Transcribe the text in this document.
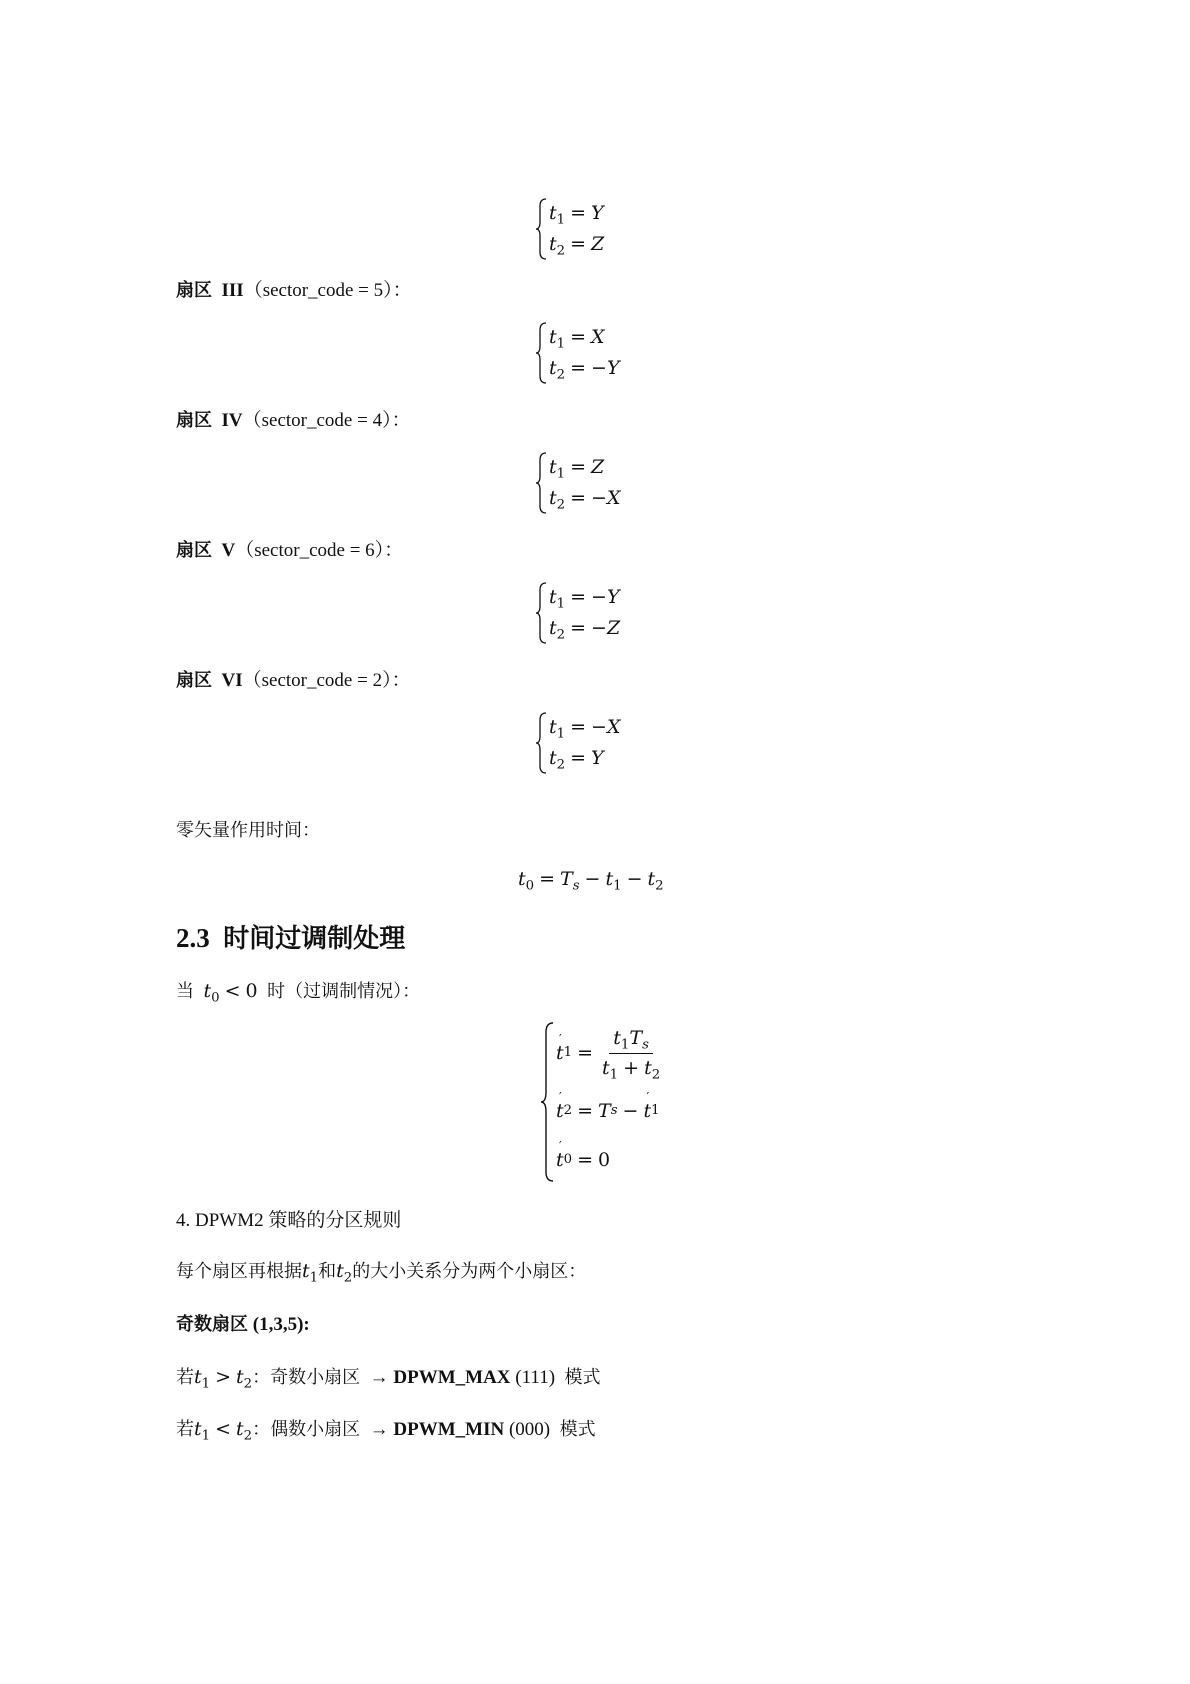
$t_1 = Y$
$t_2 = Z$
扇区 III（sector_code = 5）：
$t_1 = X$
$t_2 = -Y$
扇区 IV（sector_code = 4）：
$t_1 = Z$
$t_2 = -X$
扇区 V（sector_code = 6）：
$t_1 = -Y$
$t_2 = -Z$
扇区 VI（sector_code = 2）：
$t_1 = -X$
$t_2 = Y$
零矢量作用时间：
$t_0 = T_s - t_1 - t_2$
2.3 时间过调制处理
当 $t_0 < 0$ 时（过调制情况）：
t
′
$1 = \frac{t_1T_s}{t_1 + t_2}$
t
′
2 = T s − t
′
1
t
′
0 = 0
4. DPWM2 策略的分区规则
每个扇区再根据$t_1$和$t_2$的大小关系分为两个小扇区：
奇数扇区 (1,3,5):
若$t_1 > t_2$：奇数小扇区 → DPWM_MAX (111) 模式
若$t_1 < t_2$：偶数小扇区 → DPWM_MIN (000) 模式
